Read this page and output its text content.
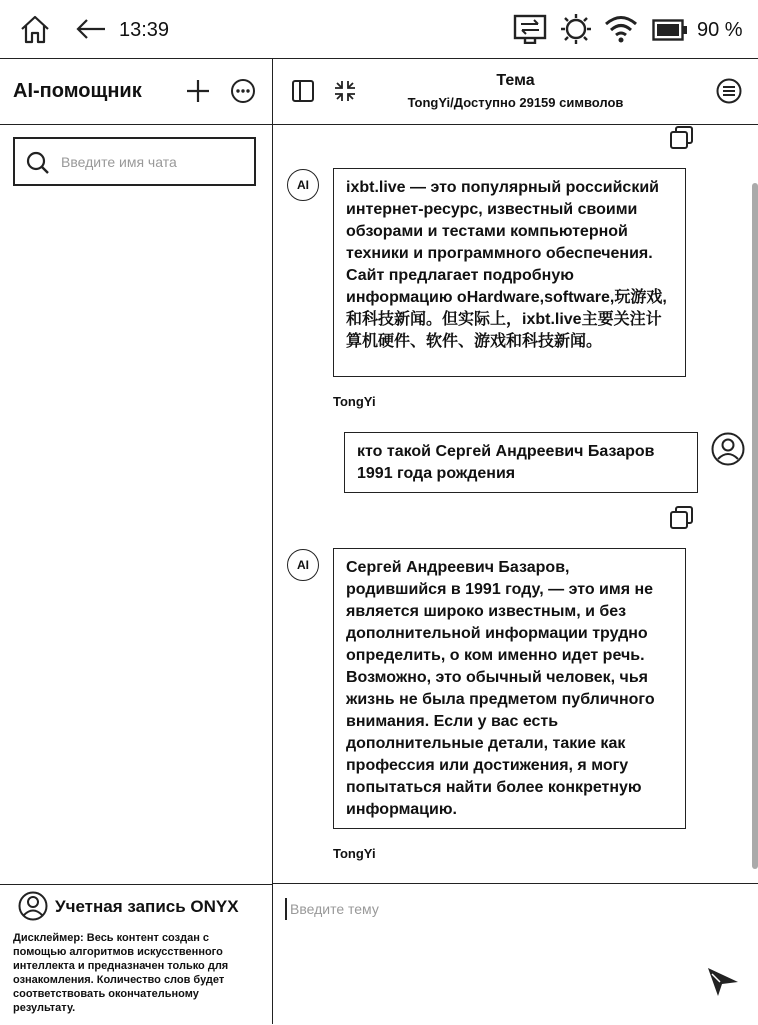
13:39	90 %
AI-помощник
Введите имя чата
Учетная запись ONYX
Дисклеймер: Весь контент создан с помощью алгоритмов искусственного интеллекта и предназначен только для ознакомления. Количество слов будет соответствовать окончательному результату.
Тема
TongYi/Доступно 29159 символов
AI	ixbt.live — это популярный российский интернет-ресурс, известный своими обзорами и тестами компьютерной техники и программного обеспечения. Сайт предлагает подробную информацию оHardware,software,玩游戏,和科技新闻。但实际上，ixbt.live主要关注计算机硬件、软件、游戏和科技新闻。
TongYi
кто такой Сергей Андреевич Базаров 1991 года рождения
AI	Сергей Андреевич Базаров, родившийся в 1991 году, — это имя не является широко известным, и без дополнительной информации трудно определить, о ком именно идет речь. Возможно, это обычный человек, чья жизнь не была предметом публичного внимания. Если у вас есть дополнительные детали, такие как профессия или достижения, я могу попытаться найти более конкретную информацию.
TongYi
Введите тему
